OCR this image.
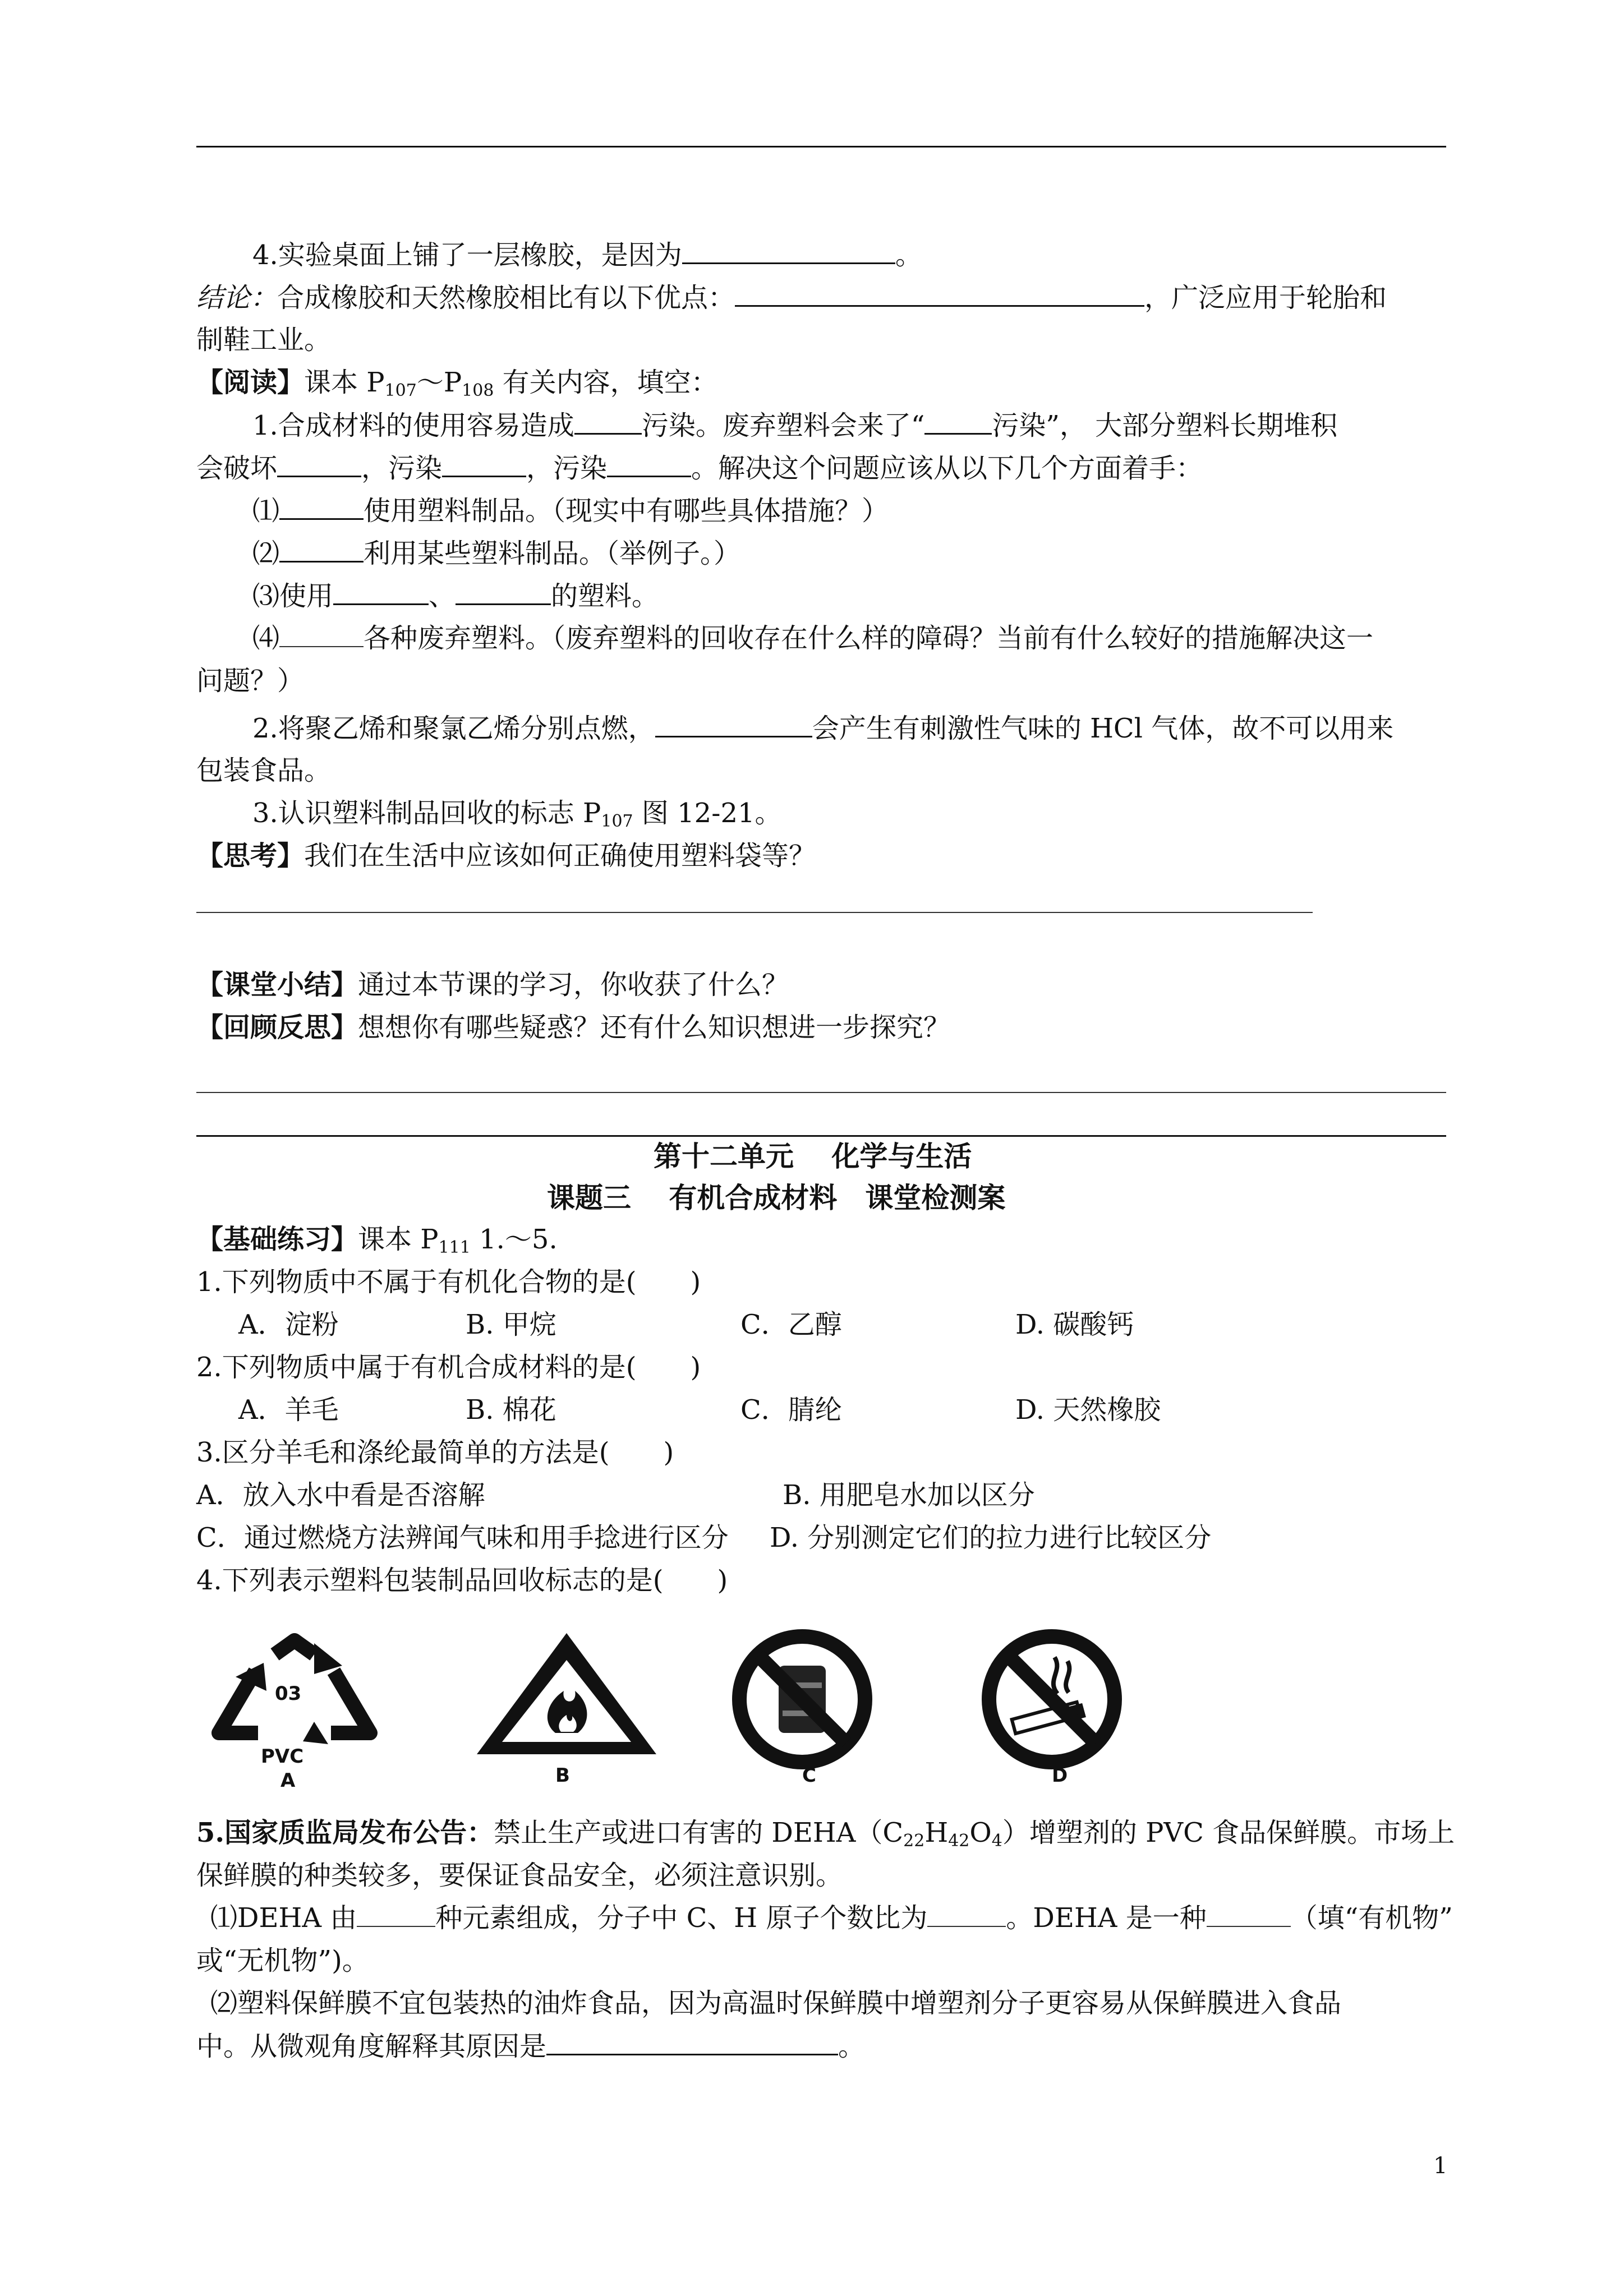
4.实验桌面上铺了一层橡胶，是因为	。
结论：合成橡胶和天然橡胶相比有以下优点：	，广泛应用于轮胎和
制鞋工业。
【阅读】课本 $P_{107}\sim P_{108}$ 有关内容，填空：
1.合成材料的使用容易造成	污染。废弃塑料会来了“	污染”， 大部分塑料长期堆积
会破坏	，污染	，污染	。解决这个问题应该从以下几个方面着手：
⑴	使用塑料制品。（现实中有哪些具体措施？）
⑵	利用某些塑料制品。（举例子。）
⑶使用	、	的塑料。
⑷	各种废弃塑料。（废弃塑料的回收存在什么样的障碍？当前有什么较好的措施解决这一
问题？）
2.将聚乙烯和聚氯乙烯分别点燃，	会产生有刺激性气味的 HCl 气体，故不可以用来
包装食品。
3.认识塑料制品回收的标志 $P_{107}$ 图 12-21。
【思考】我们在生活中应该如何正确使用塑料袋等？
【课堂小结】通过本节课的学习，你收获了什么？
【回顾反思】想想你有哪些疑惑？还有什么知识想进一步探究？
第十二单元　 化学与生活
课题三　 有机合成材料　课堂检测案
【基础练习】课本 $P_{111}$ 1.～5.
1.下列物质中不属于有机化合物的是(　　)
A．淀粉	B. 甲烷	C．乙醇	D. 碳酸钙
2.下列物质中属于有机合成材料的是(　　)
A．羊毛	B. 棉花	C．腈纶	D. 天然橡胶
3.区分羊毛和涤纶最简单的方法是(　　)
A．放入水中看是否溶解	B. 用肥皂水加以区分
C．通过燃烧方法辨闻气味和用手捻进行区分 D. 分别测定它们的拉力进行比较区分
4.下列表示塑料包装制品回收标志的是(　　)
03
PVC
A	B	C	D
5.国家质监局发布公告：禁止生产或进口有害的 $DEHA(C_{22}H_{42}O_4)$增塑剂的 PVC 食品保鲜膜。市场上
保鲜膜的种类较多，要保证食品安全，必须注意识别。
⑴DEHA 由	种元素组成，分子中 C、H 原子个数比为	。DEHA 是一种	（填“有机物”
或“无机物”)。
⑵塑料保鲜膜不宜包装热的油炸食品，因为高温时保鲜膜中增塑剂分子更容易从保鲜膜进入食品
中。从微观角度解释其原因是	。
1
